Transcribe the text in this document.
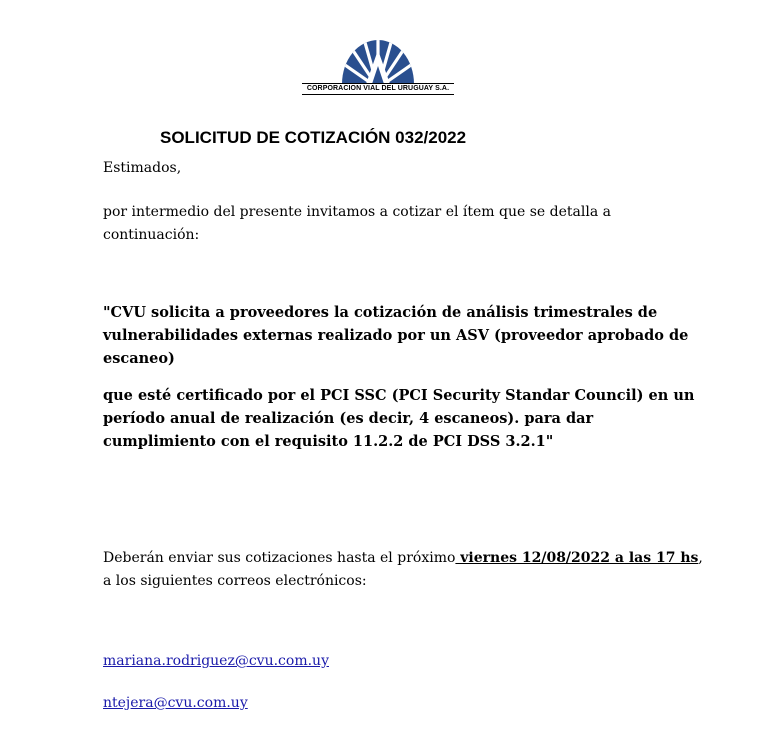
CORPORACION VIAL DEL URUGUAY S.A.
SOLICITUD DE COTIZACIÓN 032/2022
Estimados,
por intermedio del presente invitamos a cotizar el ítem que se detalla a continuación:
"CVU solicita a proveedores la cotización de análisis trimestrales de vulnerabilidades externas realizado por un ASV (proveedor aprobado de escaneo)
que esté certificado por el PCI SSC (PCI Security Standar Council) en un período anual de realización (es decir, 4 escaneos). para dar cumplimiento con el requisito 11.2.2 de PCI DSS 3.2.1"
Deberán enviar sus cotizaciones hasta el próximo viernes 12/08/2022 a las 17 hs,
a los siguientes correos electrónicos:
mariana.rodriguez@cvu.com.uy
ntejera@cvu.com.uy
